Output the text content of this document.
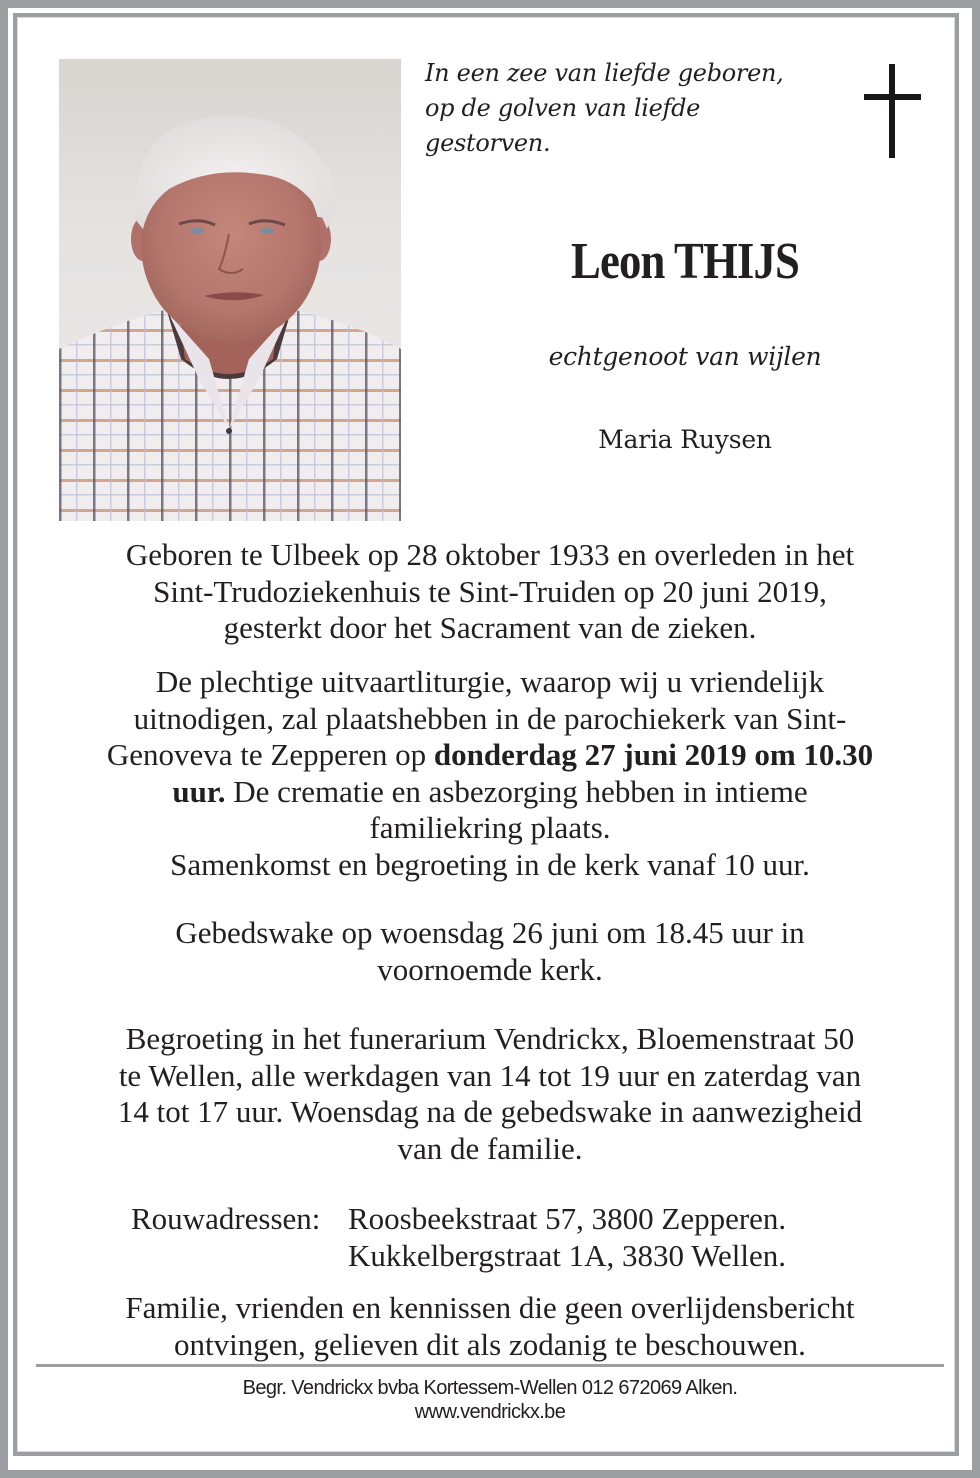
In een zee van liefde geboren,
op de golven van liefde
gestorven.
Leon THIJS
echtgenoot van wijlen
Maria Ruysen
Geboren te Ulbeek op 28 oktober 1933 en overleden in het
Sint-Trudoziekenhuis te Sint-Truiden op 20 juni 2019,
gesterkt door het Sacrament van de zieken.
De plechtige uitvaartliturgie, waarop wij u vriendelijk
uitnodigen, zal plaatshebben in de parochiekerk van Sint-
Genoveva te Zepperen op donderdag 27 juni 2019 om 10.30
uur. De crematie en asbezorging hebben in intieme
familiekring plaats.
Samenkomst en begroeting in de kerk vanaf 10 uur.
Gebedswake op woensdag 26 juni om 18.45 uur in
voornoemde kerk.
Begroeting in het funerarium Vendrickx, Bloemenstraat 50
te Wellen, alle werkdagen van 14 tot 19 uur en zaterdag van
14 tot 17 uur. Woensdag na de gebedswake in aanwezigheid
van de familie.
Rouwadressen: Roosbeekstraat 57, 3800 Zepperen.
Kukkelbergstraat 1A, 3830 Wellen.
Familie, vrienden en kennissen die geen overlijdensbericht
ontvingen, gelieven dit als zodanig te beschouwen.
Begr. Vendrickx bvba Kortessem-Wellen 012 672069 Alken.
www.vendrickx.be
